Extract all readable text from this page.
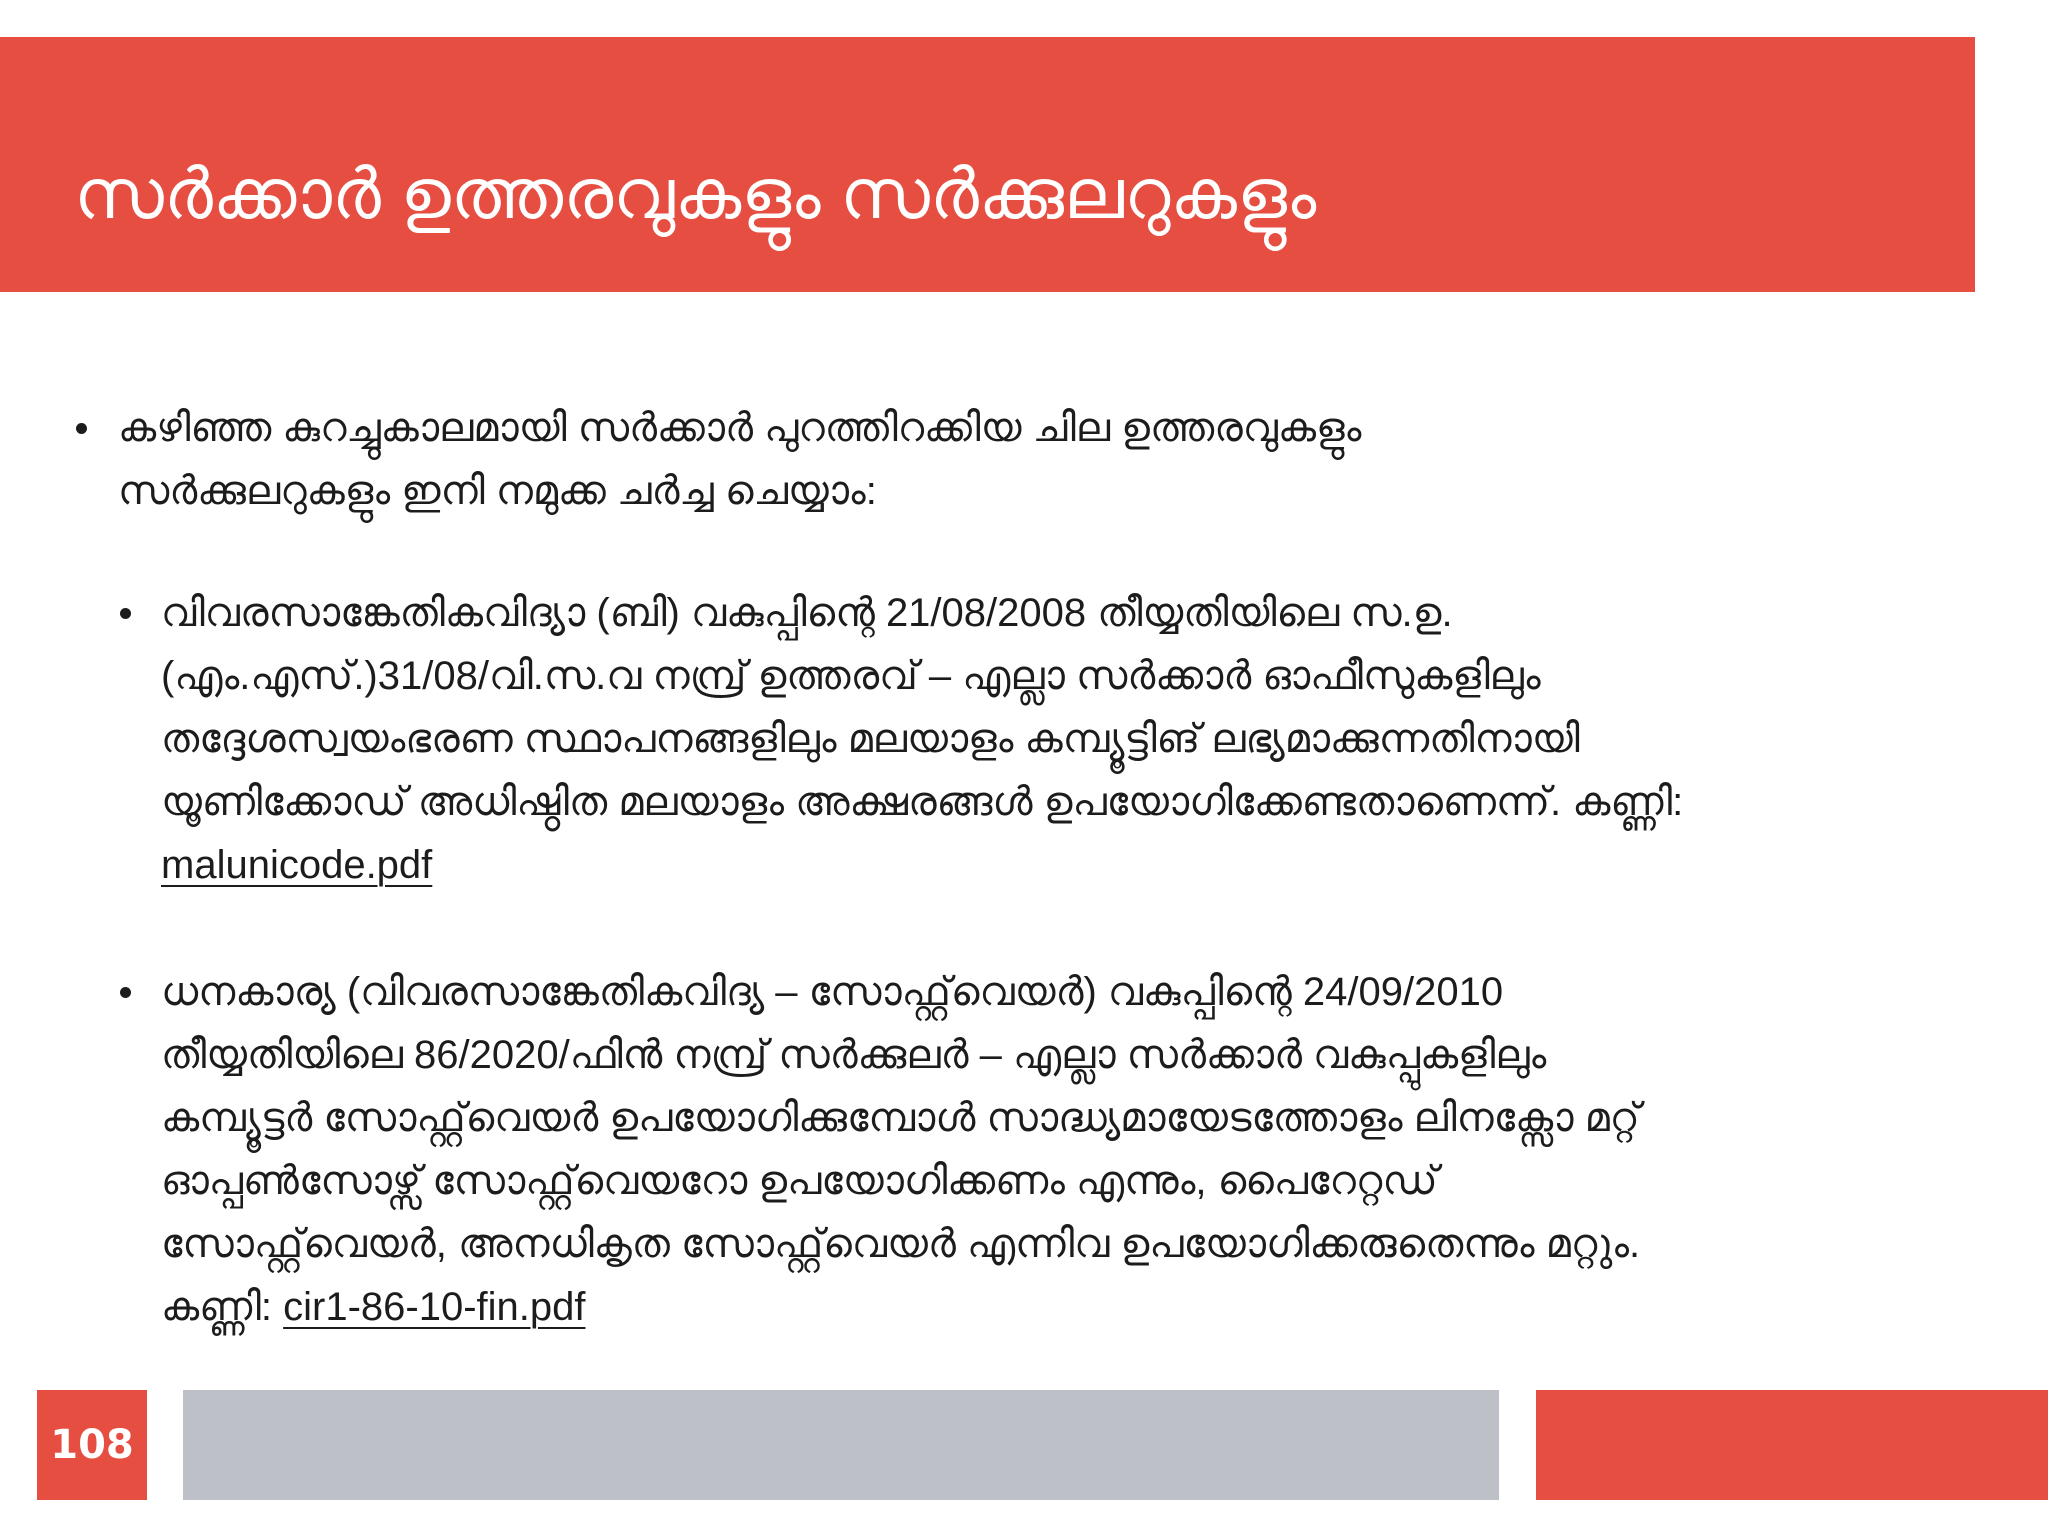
സർക്കാർ ഉത്തരവുകളും സർക്കുലറുകളും
കഴിഞ്ഞ കുറച്ചുകാലമായി സർക്കാർ പുറത്തിറക്കിയ ചില ഉത്തരവുകളും
സർക്കുലറുകളും ഇനി നമുക്ക ചർച്ച ചെയ്യാം:
വിവരസാങ്കേതികവിദ്യാ (ബി) വകുപ്പിന്റെ 21/08/2008 തീയ്യതിയിലെ സ.ഉ.
(എം.എസ്.)31/08/വി.സ.വ നമ്പ്ര് ഉത്തരവ് – എല്ലാ സർക്കാർ ഓഫീസുകളിലും
തദ്ദേശസ്വയംഭരണ സ്ഥാപനങ്ങളിലും മലയാളം കമ്പ്യൂട്ടിങ് ലഭ്യമാക്കുന്നതിനായി
യൂണിക്കോഡ് അധിഷ്ഠിത മലയാളം അക്ഷരങ്ങൾ ഉപയോഗിക്കേണ്ടതാണെന്ന്. കണ്ണി:
malunicode.pdf
ധനകാര്യ (വിവരസാങ്കേതികവിദ്യ – സോഫ്റ്റ്‌വെയർ) വകുപ്പിന്റെ 24/09/2010
തീയ്യതിയിലെ 86/2020/ഫിൻ നമ്പ്ര് സർക്കുലർ – എല്ലാ സർക്കാർ വകുപ്പുകളിലും
കമ്പ്യൂട്ടർ സോഫ്റ്റ്‌വെയർ ഉപയോഗിക്കുമ്പോൾ സാദ്ധ്യമായേടത്തോളം ലിനക്സോ മറ്റ്
ഓപ്പൺസോഴ്സ് സോഫ്റ്റ്‌വെയറോ ഉപയോഗിക്കണം എന്നും, പൈറേറ്റഡ്
സോഫ്റ്റ്‌വെയർ, അനധികൃത സോഫ്റ്റ്‌വെയർ എന്നിവ ഉപയോഗിക്കരുതെന്നും മറ്റും.
കണ്ണി: cir1-86-10-fin.pdf
108
